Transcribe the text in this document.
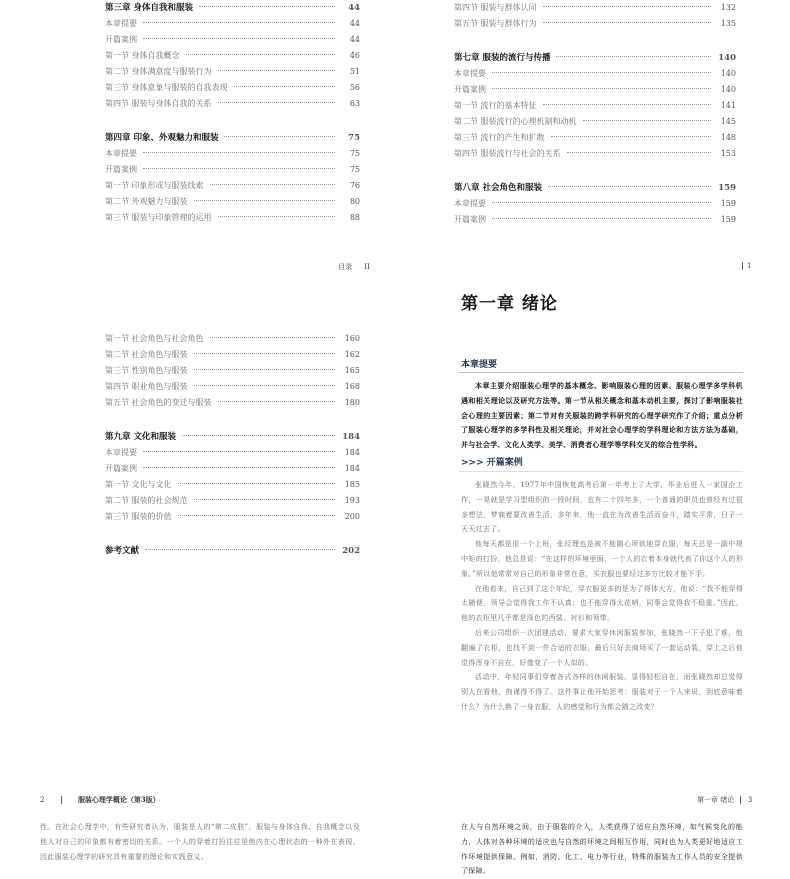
第三章 身体自我和服装	44
本章提要	44
开篇案例	44
第一节 身体自我概念	46
第二节 身体满意度与服装行为	51
第三节 身体意象与服装的自我表现	56
第四节 服装与身体自我的关系	63
第四章 印象、外观魅力和服装	75
本章提要	75
开篇案例	75
第一节 印象形成与服装线索	76
第二节 外观魅力与服装	80
第三节 服装与印象管理的运用	88
第四节 服装与群体认同	132
第五节 服装与群体行为	135
第七章 服装的流行与传播	140
本章提要	140
开篇案例	140
第一节 流行的基本特征	141
第二节 服装流行的心理机制和动机	145
第三节 流行的产生和扩散	148
第四节 服装流行与社会的关系	153
第八章 社会角色和服装	159
本章提要	159
开篇案例	159
第一节 社会角色与社会角色	160
第二节 社会角色与服装	162
第三节 性别角色与服装	165
第四节 职业角色与服装	168
第五节 社会角色的变迁与服装	180
第九章 文化和服装	184
本章提要	184
开篇案例	184
第一节 文化与文化	185
第二节 服装的社会规范	193
第三节 服装的价值	200
参考文献	202
目录 II	1
第一章 绪论
本章提要

本章主要介绍服装心理学的基本概念、影响服装心理的因素、服装心理学多学科机遇和相关理论以及研究方法等。第一节从相关概念和基本动机主要，探讨了影响服装社会心理的主要因素；第二节对有关服装的跨学科研究的心理学研究作了介绍；重点分析了服装心理学的多学科性及相关理论，并对社会心理学的学科理论和方法方法为基础，并与社会学、文化人类学、美学、消费者心理学等学科交叉的综合性学科。

>>> 开篇案例

张晓然今年，1977年中国恢复高考后第一年考上了大学，毕业后进入一家国企工作，一晃就是学习型组织的一段时间，也有二十四年多，一个普通的职员也曾经有过很多想法，梦寐着要改善生活，多年来，他一直在为改善生活而奋斗，踏实平常，日子一天天过去了。

他每天都是很一个上班，张经理也是被不能随心所欲地穿衣服，每天总是一副中规中矩的打扮，他总是说：“在这样的环境里面，一个人的衣着本身就代表了你这个人的形象。”所以他常常对自己的形象非常在意，买衣服也要经过多方比较才能下手。

在他看来，自己到了这个年纪，穿衣服更多的是为了得体大方，他说：“我不能穿得太随便，领导会觉得我工作不认真；也不能穿得太花哨，同事会觉得我不稳重。”因此，他的衣柜里几乎都是深色的西装、衬衫和领带。

后来公司组织一次团建活动，要求大家穿休闲服装参加，张晓然一下子犯了难，他翻遍了衣柜，也找不到一件合适的衣服，最后只好去商场买了一套运动装，穿上之后他觉得浑身不自在，好像变了一个人似的。

活动中，年轻同事们穿着各式各样的休闲服装，显得轻松自在，而张晓然却总觉得别人在看他，拘谨得不得了。这件事让他开始思考：服装对于一个人来说，到底意味着什么？为什么换了一身衣服，人的感觉和行为都会随之改变？

2	服装心理学概论（第3版）	第一章 绪论 3

性。在社会心理学中，有些研究者认为，服装是人的“第二皮肤”，服装与身体自我、自我概念以及他人对自己的印象都有着密切的关系。一个人的穿着打扮往往是他内在心理状态的一种外在表现，因此服装心理学的研究具有重要的理论和实践意义。

在人与自然环境之间，由于服装的介入，人类获得了适应自然环境，如气候变化的能力，人体对各种环境的适应也与自然的环境之间相互作用，同时也为人类更好地适应工作环境提供保障。例如，消防、化工、电力等行业，特殊的服装为工作人员的安全提供了保障。
